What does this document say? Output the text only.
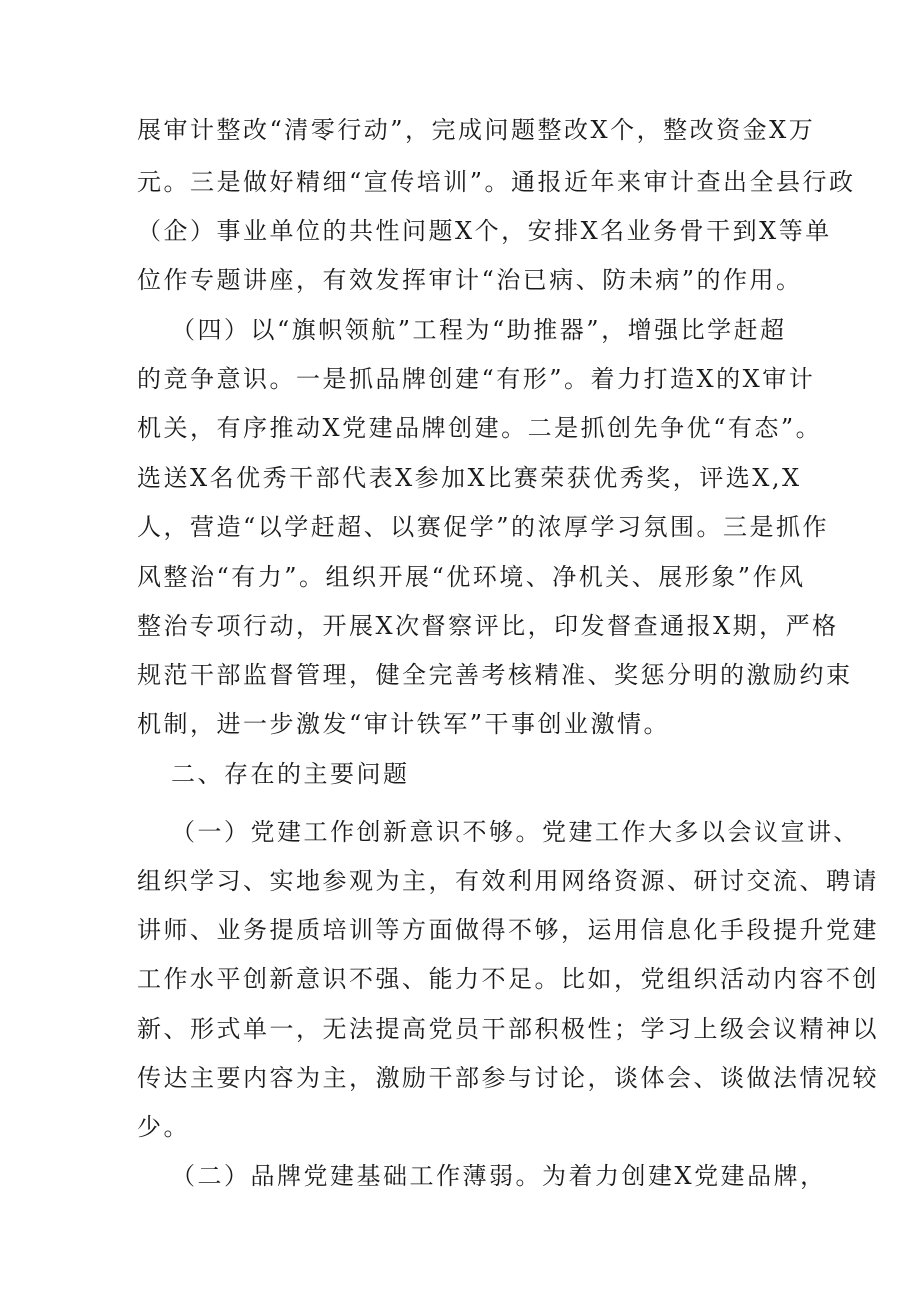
展审计整改“清零行动”，完成问题整改X个，整改资金X万

元。三是做好精细“宣传培训”。通报近年来审计查出全县行政

（企）事业单位的共性问题X个，安排X名业务骨干到X等单

位作专题讲座，有效发挥审计“治已病、防未病”的作用。

（四）以“旗帜领航”工程为“助推器”，增强比学赶超

的竞争意识。一是抓品牌创建“有形”。着力打造X的X审计

机关，有序推动X党建品牌创建。二是抓创先争优“有态”。

选送X名优秀干部代表X参加X比赛荣获优秀奖，评选X,X

人，营造“以学赶超、以赛促学”的浓厚学习氛围。三是抓作

风整治“有力”。组织开展“优环境、净机关、展形象”作风

整治专项行动，开展X次督察评比，印发督查通报X期，严格

规范干部监督管理，健全完善考核精准、奖惩分明的激励约束

机制，进一步激发“审计铁军”干事创业激情。

二、存在的主要问题

（一）党建工作创新意识不够。党建工作大多以会议宣讲、

组织学习、实地参观为主，有效利用网络资源、研讨交流、聘请

讲师、业务提质培训等方面做得不够，运用信息化手段提升党建

工作水平创新意识不强、能力不足。比如，党组织活动内容不创

新、形式单一，无法提高党员干部积极性；学习上级会议精神以

传达主要内容为主，激励干部参与讨论，谈体会、谈做法情况较

少。

（二）品牌党建基础工作薄弱。为着力创建X党建品牌，
